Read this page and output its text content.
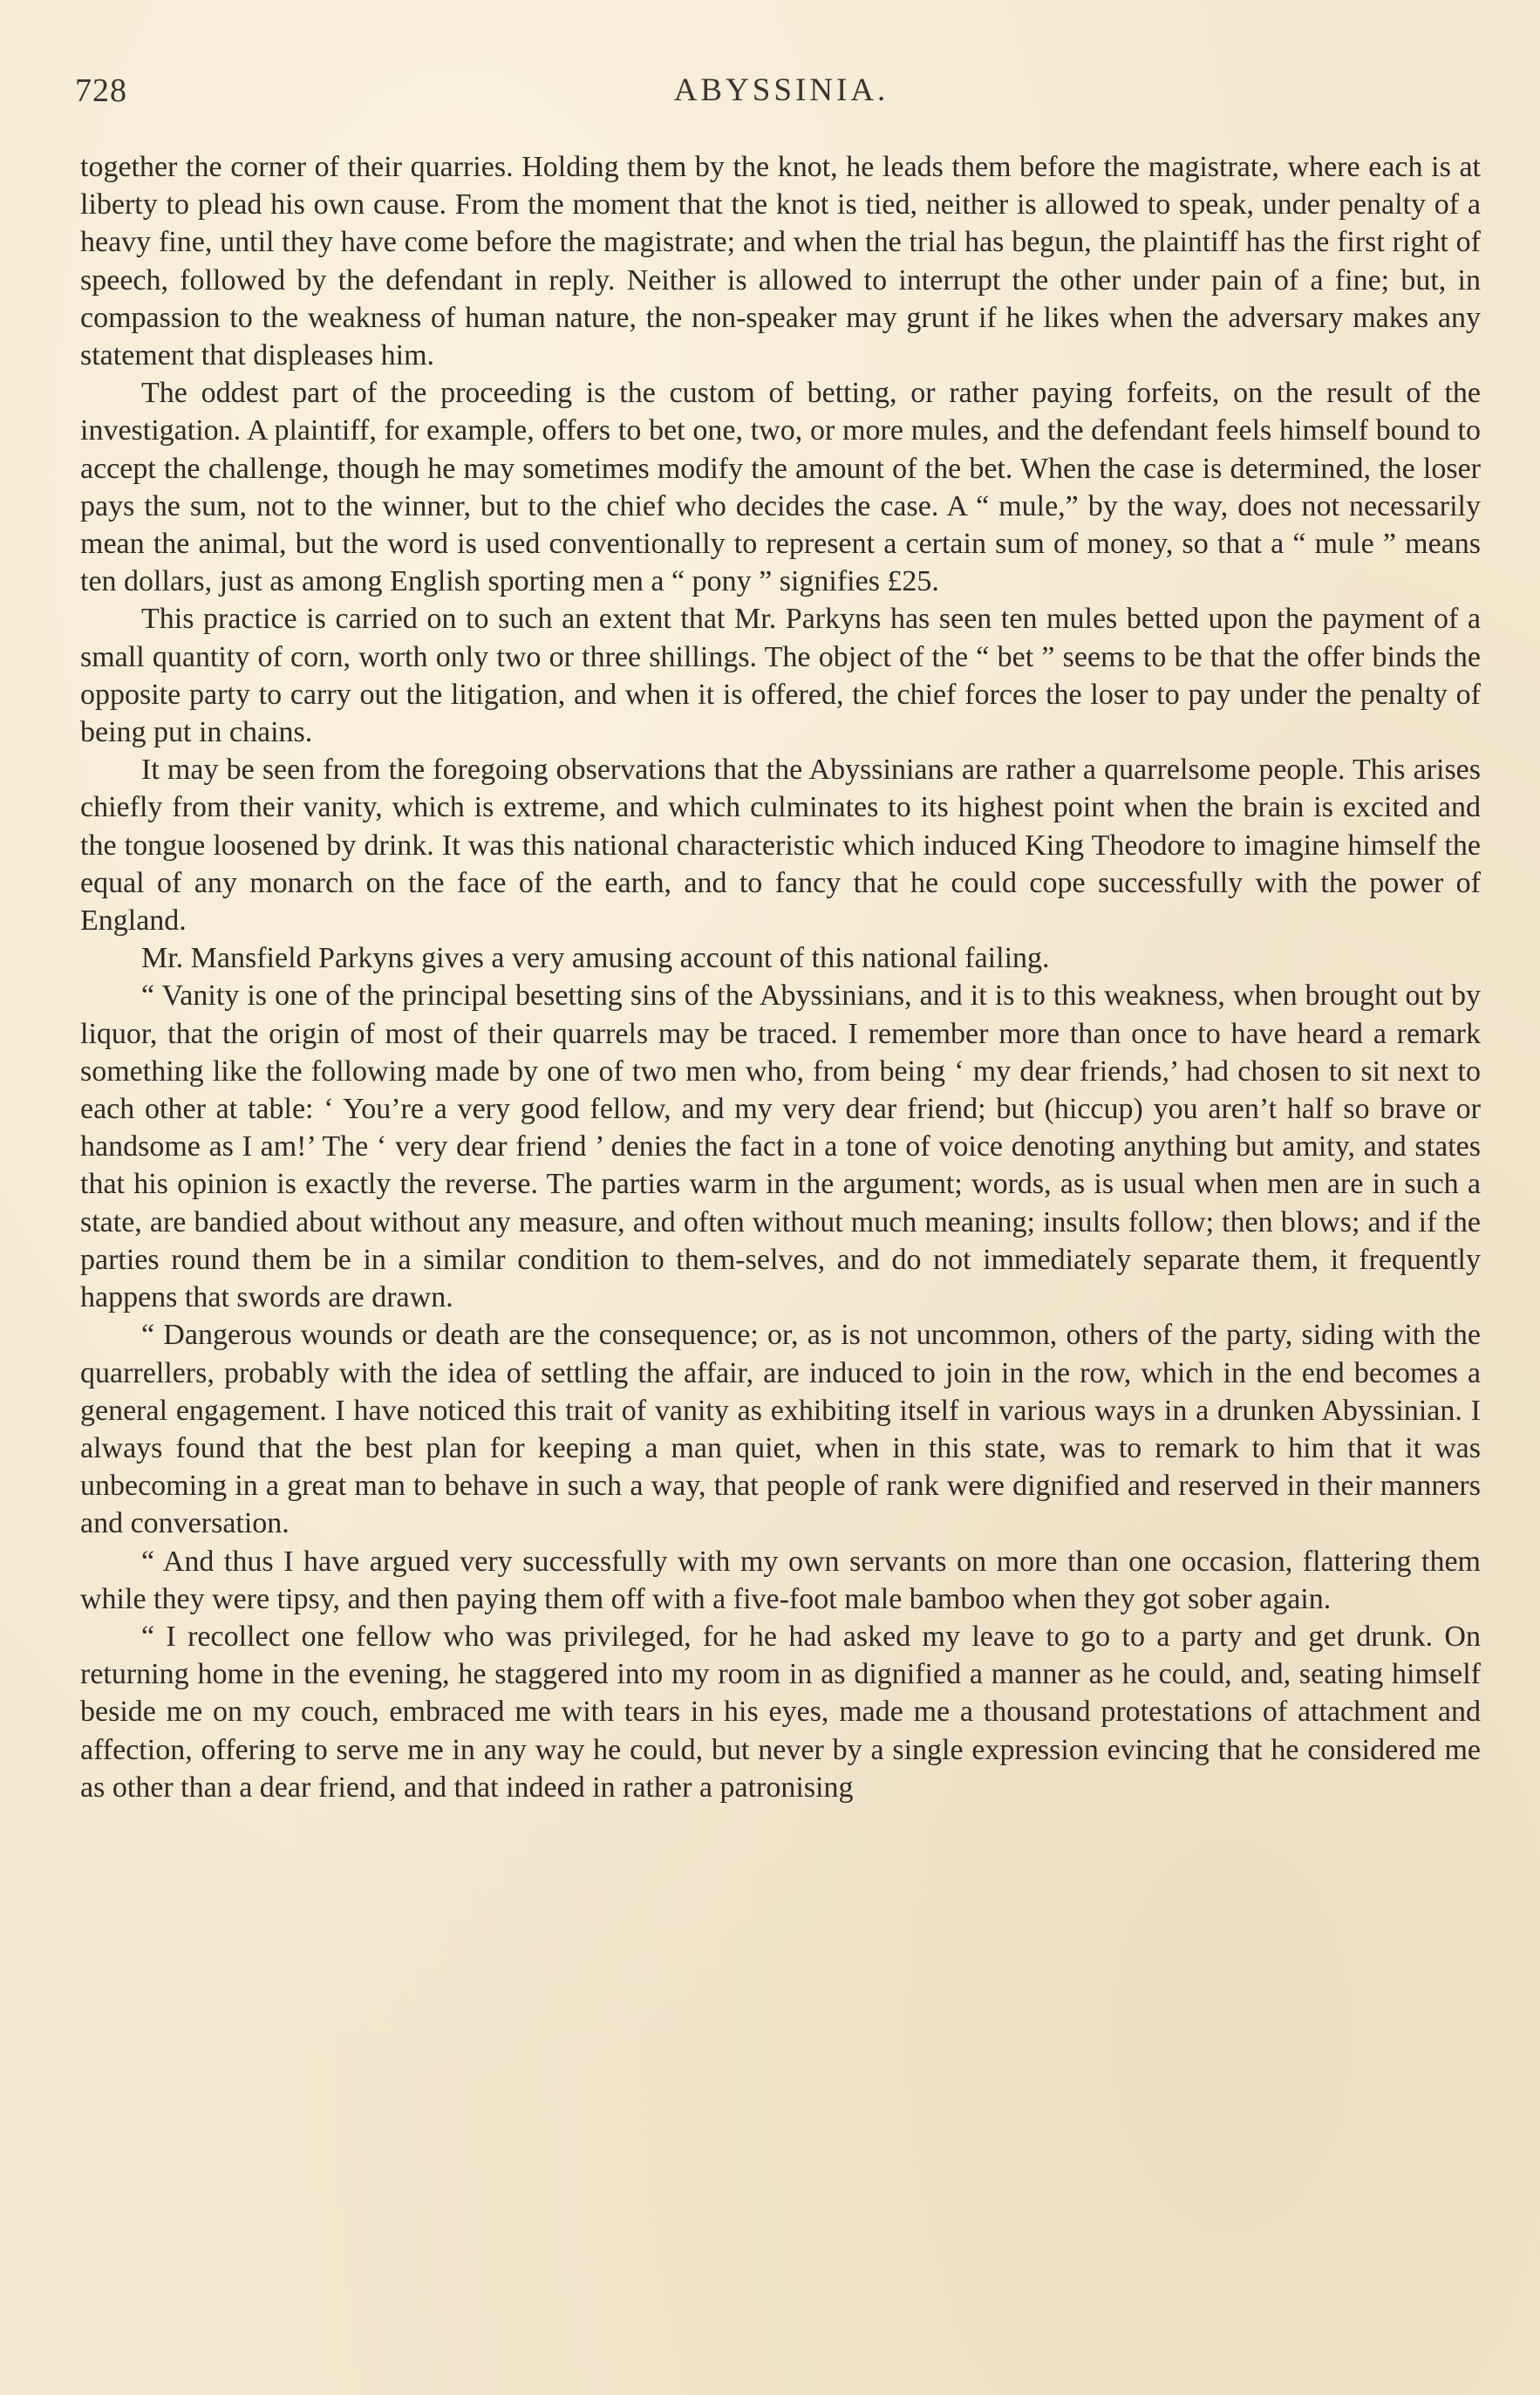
728	ABYSSINIA.

together the corner of their quarries. Holding them by the knot, he leads them before the magistrate, where each is at liberty to plead his own cause. From the moment that the knot is tied, neither is allowed to speak, under penalty of a heavy fine, until they have come before the magistrate; and when the trial has begun, the plaintiff has the first right of speech, followed by the defendant in reply. Neither is allowed to interrupt the other under pain of a fine; but, in compassion to the weakness of human nature, the non-speaker may grunt if he likes when the adversary makes any statement that displeases him.

The oddest part of the proceeding is the custom of betting, or rather paying forfeits, on the result of the investigation. A plaintiff, for example, offers to bet one, two, or more mules, and the defendant feels himself bound to accept the challenge, though he may sometimes modify the amount of the bet. When the case is determined, the loser pays the sum, not to the winner, but to the chief who decides the case. A “ mule,” by the way, does not necessarily mean the animal, but the word is used conventionally to represent a certain sum of money, so that a “ mule ” means ten dollars, just as among English sporting men a “ pony ” signifies £25.

This practice is carried on to such an extent that Mr. Parkyns has seen ten mules betted upon the payment of a small quantity of corn, worth only two or three shillings. The object of the “ bet ” seems to be that the offer binds the opposite party to carry out the litigation, and when it is offered, the chief forces the loser to pay under the penalty of being put in chains.

It may be seen from the foregoing observations that the Abyssinians are rather a quarrelsome people. This arises chiefly from their vanity, which is extreme, and which culminates to its highest point when the brain is excited and the tongue loosened by drink. It was this national characteristic which induced King Theodore to imagine himself the equal of any monarch on the face of the earth, and to fancy that he could cope successfully with the power of England.

Mr. Mansfield Parkyns gives a very amusing account of this national failing.

“ Vanity is one of the principal besetting sins of the Abyssinians, and it is to this weakness, when brought out by liquor, that the origin of most of their quarrels may be traced. I remember more than once to have heard a remark something like the following made by one of two men who, from being ‘ my dear friends,’ had chosen to sit next to each other at table: ‘ You’re a very good fellow, and my very dear friend; but (hiccup) you aren’t half so brave or handsome as I am!’ The ‘ very dear friend ’ denies the fact in a tone of voice denoting anything but amity, and states that his opinion is exactly the reverse. The parties warm in the argument; words, as is usual when men are in such a state, are bandied about without any measure, and often without much meaning; insults follow; then blows; and if the parties round them be in a similar condition to them-selves, and do not immediately separate them, it frequently happens that swords are drawn.

“ Dangerous wounds or death are the consequence; or, as is not uncommon, others of the party, siding with the quarrellers, probably with the idea of settling the affair, are induced to join in the row, which in the end becomes a general engagement. I have noticed this trait of vanity as exhibiting itself in various ways in a drunken Abyssinian. I always found that the best plan for keeping a man quiet, when in this state, was to remark to him that it was unbecoming in a great man to behave in such a way, that people of rank were dignified and reserved in their manners and conversation.

“ And thus I have argued very successfully with my own servants on more than one occasion, flattering them while they were tipsy, and then paying them off with a five-foot male bamboo when they got sober again.

“ I recollect one fellow who was privileged, for he had asked my leave to go to a party and get drunk. On returning home in the evening, he staggered into my room in as dignified a manner as he could, and, seating himself beside me on my couch, embraced me with tears in his eyes, made me a thousand protestations of attachment and affection, offering to serve me in any way he could, but never by a single expression evincing that he considered me as other than a dear friend, and that indeed in rather a patronising
